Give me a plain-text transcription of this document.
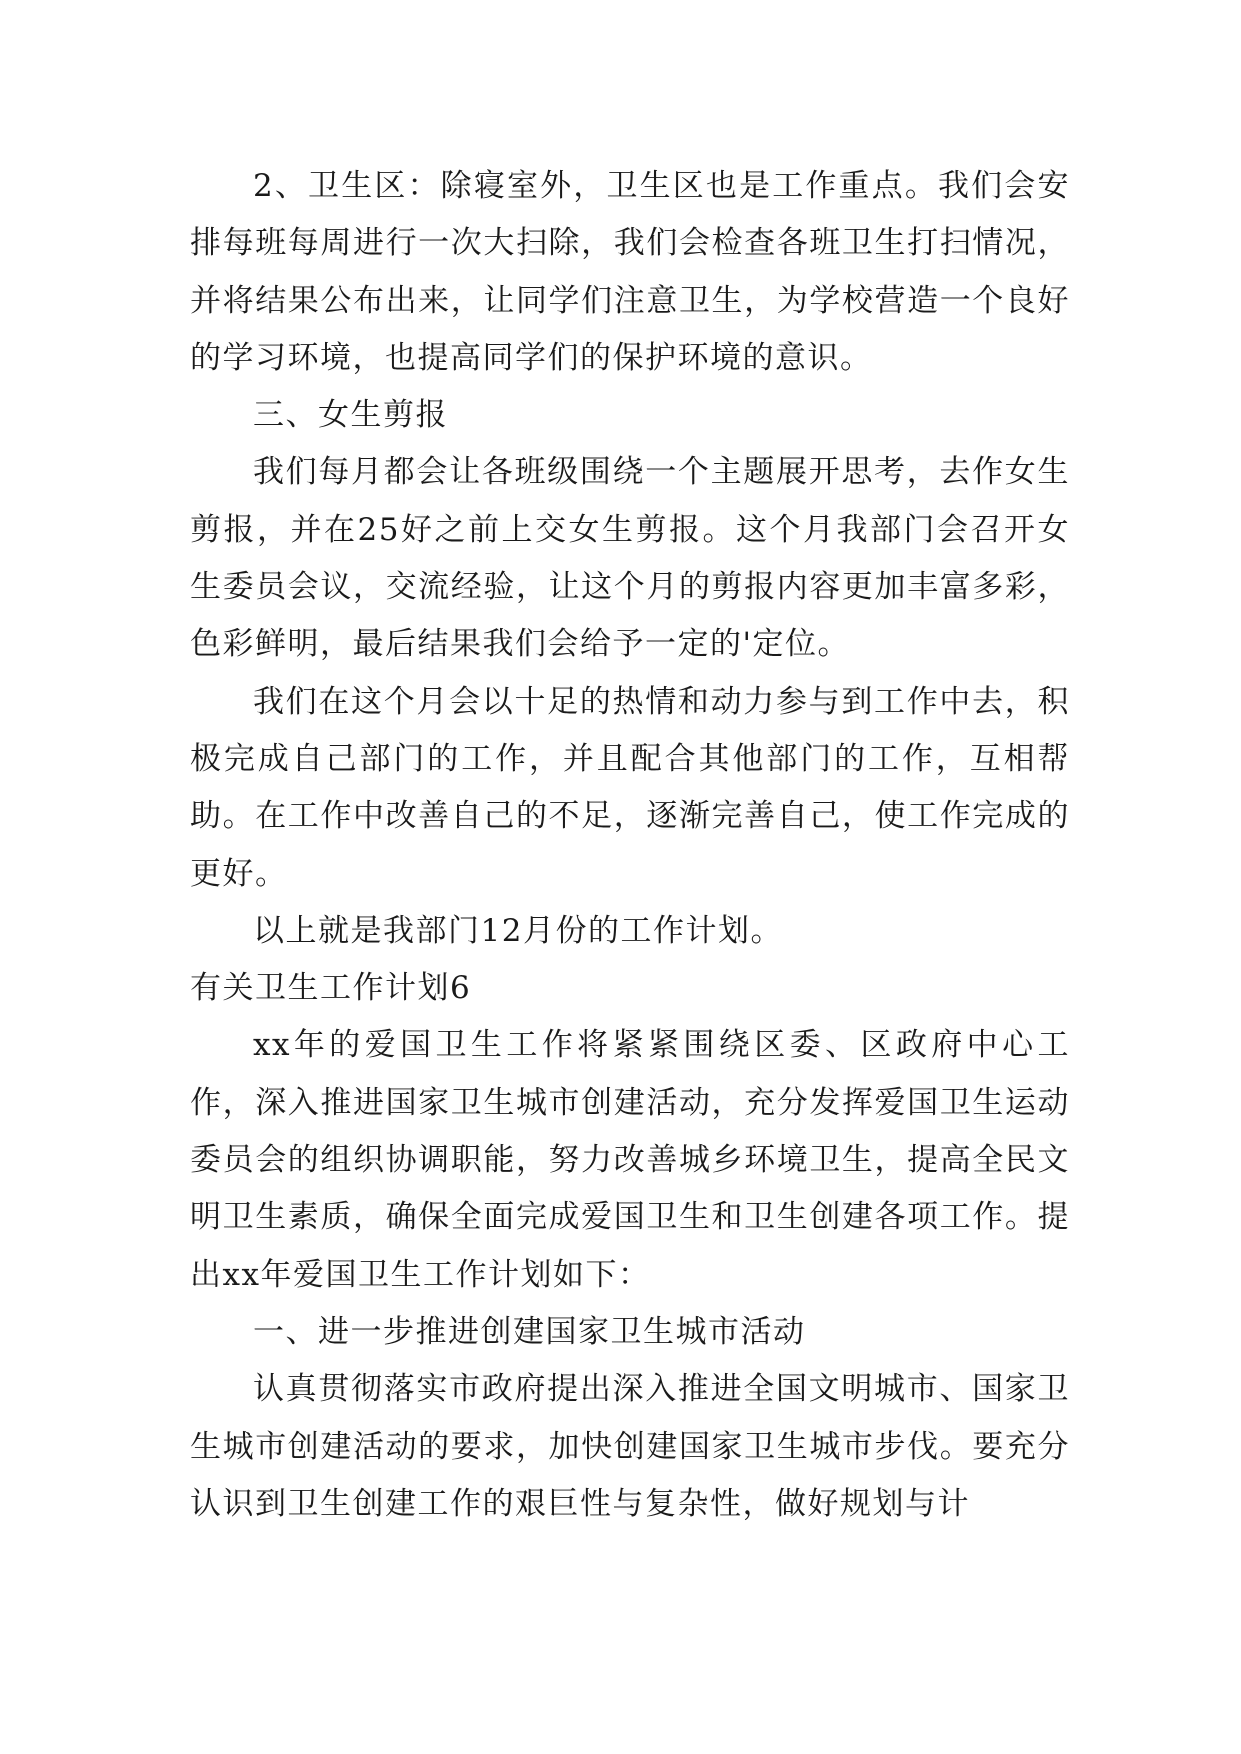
2、卫生区：除寝室外，卫生区也是工作重点。我们会安排每班每周进行一次大扫除，我们会检查各班卫生打扫情况，并将结果公布出来，让同学们注意卫生，为学校营造一个良好的学习环境，也提高同学们的保护环境的意识。

三、女生剪报

我们每月都会让各班级围绕一个主题展开思考，去作女生剪报，并在25好之前上交女生剪报。这个月我部门会召开女生委员会议，交流经验，让这个月的剪报内容更加丰富多彩，色彩鲜明，最后结果我们会给予一定的'定位。

我们在这个月会以十足的热情和动力参与到工作中去，积极完成自己部门的工作，并且配合其他部门的工作，互相帮助。在工作中改善自己的不足，逐渐完善自己，使工作完成的更好。

以上就是我部门12月份的工作计划。

有关卫生工作计划6

xx年的爱国卫生工作将紧紧围绕区委、区政府中心工作，深入推进国家卫生城市创建活动，充分发挥爱国卫生运动委员会的组织协调职能，努力改善城乡环境卫生，提高全民文明卫生素质，确保全面完成爱国卫生和卫生创建各项工作。提出xx年爱国卫生工作计划如下：

一、进一步推进创建国家卫生城市活动

认真贯彻落实市政府提出深入推进全国文明城市、国家卫生城市创建活动的要求，加快创建国家卫生城市步伐。要充分认识到卫生创建工作的艰巨性与复杂性，做好规划与计
